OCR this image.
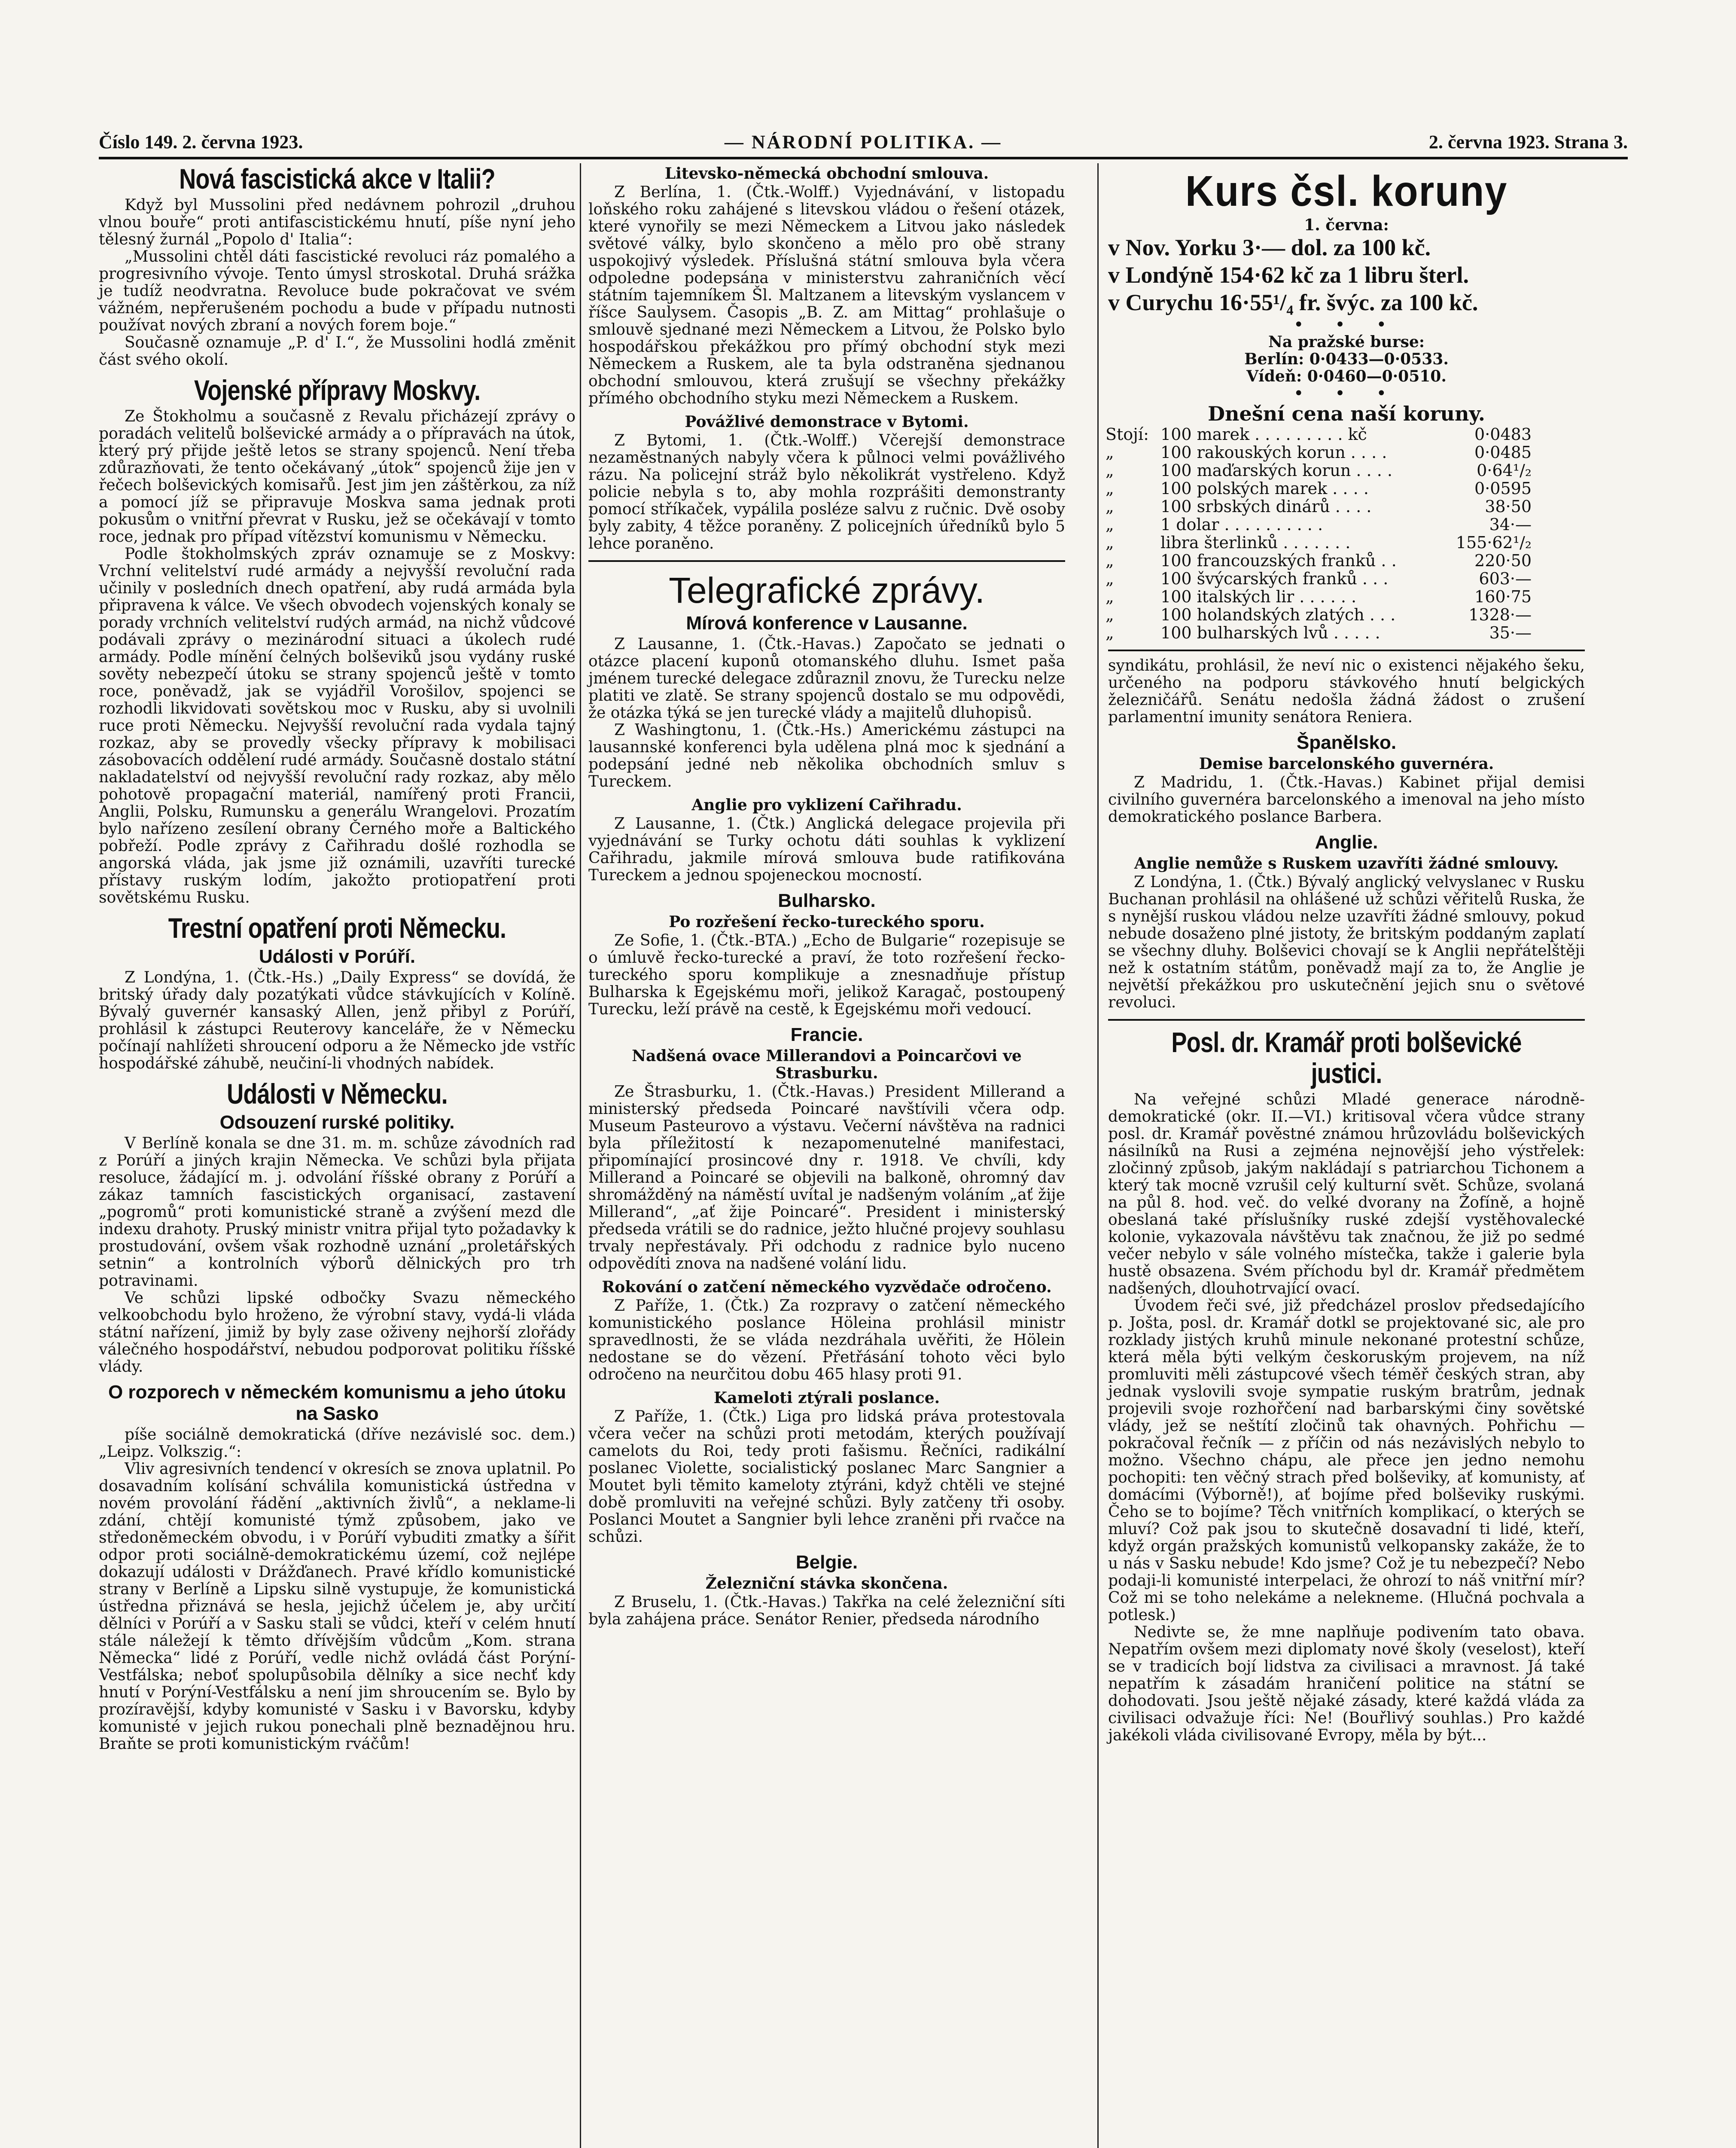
Číslo 149. 2. června 1923.	— NÁRODNÍ POLITIKA. —	2. června 1923. Strana 3.
Nová fascistická akce v Italii?

Když byl Mussolini před nedávnem pohrozil „druhou vlnou bouře“ proti antifascistickému hnutí, píše nyní jeho tělesný žurnál „Popolo d' Italia“:

„Mussolini chtěl dáti fascistické revoluci ráz pomalého a progresivního vývoje. Tento úmysl stroskotal. Druhá srážka je tudíž neodvratna. Revoluce bude pokračovat ve svém vážném, nepřerušeném pochodu a bude v případu nutnosti používat nových zbraní a nových forem boje.“

Současně oznamuje „P. d' I.“, že Mussolini hodlá změnit část svého okolí.

Vojenské přípravy Moskvy.

Ze Štokholmu a současně z Revalu přicházejí zprávy o poradách velitelů bolševické armády a o přípravách na útok, který prý přijde ještě letos se strany spojenců. Není třeba zdůrazňovati, že tento očekávaný „útok“ spojenců žije jen v řečech bolševických komisařů. Jest jim jen záštěrkou, za níž a pomocí jíž se připravuje Moskva sama jednak proti pokusům o vnitřní převrat v Rusku, jež se očekávají v tomto roce, jednak pro případ vítězství komunismu v Německu.

Podle štokholmských zpráv oznamuje se z Moskvy: Vrchní velitelství rudé armády a nejvyšší revoluční rada učinily v posledních dnech opatření, aby rudá armáda byla připravena k válce. Ve všech obvodech vojenských konaly se porady vrchních velitelství rudých armád, na nichž vůdcové podávali zprávy o mezinárodní situaci a úkolech rudé armády. Podle mínění čelných bolševiků jsou vydány ruské sověty nebezpečí útoku se strany spojenců ještě v tomto roce, poněvadž, jak se vyjádřil Vorošilov, spojenci se rozhodli likvidovati sovětskou moc v Rusku, aby si uvolnili ruce proti Německu. Nejvyšší revoluční rada vydala tajný rozkaz, aby se provedly všecky přípravy k mobilisaci zásobovacích oddělení rudé armády. Současně dostalo státní nakladatelství od nejvyšší revoluční rady rozkaz, aby mělo pohotově propagační materiál, namířený proti Francii, Anglii, Polsku, Rumunsku a generálu Wrangelovi. Prozatím bylo nařízeno zesílení obrany Černého moře a Baltického pobřeží. Podle zprávy z Cařihradu došlé rozhodla se angorská vláda, jak jsme již oznámili, uzavříti turecké přístavy ruským lodím, jakožto protiopatření proti sovětskému Rusku.

Trestní opatření proti Německu.
Události v Porúří.

Z Londýna, 1. (Čtk.-Hs.) „Daily Express“ se dovídá, že britský úřady daly pozatýkati vůdce stávkujících v Kolíně. Bývalý guvernér kansaský Allen, jenž přibyl z Porúří, prohlásil k zástupci Reuterovy kanceláře, že v Německu počínají nahlížeti shroucení odporu a že Německo jde vstříc hospodářské záhubě, neučiní-li vhodných nabídek.

Události v Německu.
Odsouzení rurské politiky.

V Berlíně konala se dne 31. m. m. schůze závodních rad z Porúří a jiných krajin Německa. Ve schůzi byla přijata resoluce, žádající m. j. odvolání říšské obrany z Porúří a zákaz tamních fascistických organisací, zastavení „pogromů“ proti komunistické straně a zvýšení mezd dle indexu drahoty. Pruský ministr vnitra přijal tyto požadavky k prostudování, ovšem však rozhodně uznání „proletářských setnin“ a kontrolních výborů dělnických pro trh potravinami.

Ve schůzi lipské odbočky Svazu německého velkoobchodu bylo hroženo, že výrobní stavy, vydá-li vláda státní nařízení, jimiž by byly zase oživeny nejhorší zlořády válečného hospodářství, nebudou podporovat politiku říšské vlády.

O rozporech v německém komunismu a jeho útoku na Sasko

píše sociálně demokratická (dříve nezávislé soc. dem.) „Leipz. Volkszig.“:

Vliv agresivních tendencí v okresích se znova uplatnil. Po dosavadním kolísání schválila komunistická ústředna v novém provolání řádění „aktivních živlů“, a neklame-li zdání, chtějí komunisté týmž způsobem, jako ve středoněmeckém obvodu, i v Porúří vybuditi zmatky a šířit odpor proti sociálně-demokratickému území, což nejlépe dokazují události v Drážďanech. Pravé křídlo komunistické strany v Berlíně a Lipsku silně vystupuje, že komunistická ústředna přiznává se hesla, jejichž účelem je, aby určití dělníci v Porúří a v Sasku stali se vůdci, kteří v celém hnutí stále náležejí k těmto dřívějším vůdcům „Kom. strana Německa“ lidé z Porúří, vedle nichž ovládá část Porýní-Vestfálska; neboť spolupůsobila dělníky a sice nechť kdy hnutí v Porýní-Vestfálsku a není jim shroucením se. Bylo by prozíravější, kdyby komunisté v Sasku i v Bavorsku, kdyby komunisté v jejich rukou ponechali plně beznadějnou hru. Braňte se proti komunistickým rváčům!

Litevsko-německá obchodní smlouva.

Z Berlína, 1. (Čtk.-Wolff.) Vyjednávání, v listopadu loňského roku zahájené s litevskou vládou o řešení otázek, které vynořily se mezi Německem a Litvou jako následek světové války, bylo skončeno a mělo pro obě strany uspokojivý výsledek. Příslušná státní smlouva byla včera odpoledne podepsána v ministerstvu zahraničních věcí státním tajemníkem Šl. Maltzanem a litevským vyslancem v říšce Saulysem. Časopis „B. Z. am Mittag“ prohlašuje o smlouvě sjednané mezi Německem a Litvou, že Polsko bylo hospodářskou překážkou pro přímý obchodní styk mezi Německem a Ruskem, ale ta byla odstraněna sjednanou obchodní smlouvou, která zrušují se všechny překážky přímého obchodního styku mezi Německem a Ruskem.

Povážlivé demonstrace v Bytomi.

Z Bytomi, 1. (Čtk.-Wolff.) Včerejší demonstrace nezaměstnaných nabyly včera k půlnoci velmi povážlivého rázu. Na policejní stráž bylo několikrát vystřeleno. Když policie nebyla s to, aby mohla rozprášiti demonstranty pomocí stříkaček, vypálila posléze salvu z ručnic. Dvě osoby byly zabity, 4 těžce poraněny. Z policejních úředníků bylo 5 lehce poraněno.

Telegrafické zprávy.
Mírová konference v Lausanne.

Z Lausanne, 1. (Čtk.-Havas.) Započato se jednati o otázce placení kuponů otomanského dluhu. Ismet paša jménem turecké delegace zdůraznil znovu, že Turecku nelze platiti ve zlatě. Se strany spojenců dostalo se mu odpovědi, že otázka týká se jen turecké vlády a majitelů dluhopisů.

Z Washingtonu, 1. (Čtk.-Hs.) Americkému zástupci na lausannské konferenci byla udělena plná moc k sjednání a podepsání jedné neb několika obchodních smluv s Tureckem.

Anglie pro vyklizení Cařihradu.

Z Lausanne, 1. (Čtk.) Anglická delegace projevila při vyjednávání se Turky ochotu dáti souhlas k vyklizení Cařihradu, jakmile mírová smlouva bude ratifikována Tureckem a jednou spojeneckou mocností.

Bulharsko.
Po rozřešení řecko-tureckého sporu.

Ze Sofie, 1. (Čtk.-BTA.) „Echo de Bulgarie“ rozepisuje se o úmluvě řecko-turecké a praví, že toto rozřešení řecko-tureckého sporu komplikuje a znesnadňuje přístup Bulharska k Egejskému moři, jelikož Karagač, postoupený Turecku, leží právě na cestě, k Egejskému moři vedoucí.

Francie.
Nadšená ovace Millerandovi a Poincarčovi ve Strasburku.

Ze Štrasburku, 1. (Čtk.-Havas.) President Millerand a ministerský předseda Poincaré navštívili včera odp. Museum Pasteurovo a výstavu. Večerní návštěva na radnici byla příležitostí k nezapomenutelné manifestaci, připomínající prosincové dny r. 1918. Ve chvíli, kdy Millerand a Poincaré se objevili na balkoně, ohromný dav shromážděný na náměstí uvítal je nadšeným voláním „ať žije Millerand“, „ať žije Poincaré“. President i ministerský předseda vrátili se do radnice, ježto hlučné projevy souhlasu trvaly nepřestávaly. Při odchodu z radnice bylo nuceno odpovědíti znova na nadšené volání lidu.

Rokování o zatčení německého vyzvědače odročeno.

Z Paříže, 1. (Čtk.) Za rozpravy o zatčení německého komunistického poslance Höleina prohlásil ministr spravedlnosti, že se vláda nezdráhala uvěřiti, že Hölein nedostane se do vězení. Přetřásání tohoto věci bylo odročeno na neurčitou dobu 465 hlasy proti 91.

Kameloti ztýrali poslance.

Z Paříže, 1. (Čtk.) Liga pro lidská práva protestovala včera večer na schůzi proti metodám, kterých používají camelots du Roi, tedy proti fašismu. Řečníci, radikální poslanec Violette, socialistický poslanec Marc Sangnier a Moutet byli těmito kameloty ztýráni, když chtěli ve stejné době promluviti na veřejné schůzi. Byly zatčeny tři osoby. Poslanci Moutet a Sangnier byli lehce zraněni při rvačce na schůzi.

Belgie.
Železniční stávka skončena.

Z Bruselu, 1. (Čtk.-Havas.) Takřka na celé železniční síti byla zahájena práce. Senátor Renier, předseda národního

Kurs čsl. koruny
1. června:
v Nov. Yorku 3·— dol. za 100 kč.
v Londýně 154·62 kč za 1 libru šterl.
v Curychu 16·55¹/₄ fr. švýc. za 100 kč.
• • •
Na pražské burse:
Berlín: 0·0433—0·0533.
Vídeň: 0·0460—0·0510.
• • •
Dnešní cena naší koruny.
Stojí:	100 marek . . . . . . . . . kč	0·0483
„	100 rakouských korun . . . .	0·0485
„	100 maďarských korun . . . .	0·64¹/₂
„	100 polských marek . . . .	0·0595
„	100 srbských dinárů . . . .	38·50
„	1 dolar . . . . . . . . . .	34·—
„	libra šterlinků . . . . . . .	155·62¹/₂
„	100 francouzských franků . .	220·50
„	100 švýcarských franků . . .	603·—
„	100 italských lir . . . . . .	160·75
„	100 holandských zlatých . . .	1328·—
„	100 bulharských lvů . . . . .	35·—

syndikátu, prohlásil, že neví nic o existenci nějakého šeku, určeného na podporu stávkového hnutí belgických železničářů. Senátu nedošla žádná žádost o zrušení parlamentní imunity senátora Reniera.

Španělsko.
Demise barcelonského guvernéra.

Z Madridu, 1. (Čtk.-Havas.) Kabinet přijal demisi civilního guvernéra barcelonského a imenoval na jeho místo demokratického poslance Barbera.

Anglie.
Anglie nemůže s Ruskem uzavříti žádné smlouvy.

Z Londýna, 1. (Čtk.) Bývalý anglický velvyslanec v Rusku Buchanan prohlásil na ohlášené už schůzi věřitelů Ruska, že s nynější ruskou vládou nelze uzavříti žádné smlouvy, pokud nebude dosaženo plné jistoty, že britským poddaným zaplatí se všechny dluhy. Bolševici chovají se k Anglii nepřátelštěji než k ostatním státům, poněvadž mají za to, že Anglie je největší překážkou pro uskutečnění jejich snu o světové revoluci.

Posl. dr. Kramář proti bolševické justici.

Na veřejné schůzi Mladé generace národně-demokratické (okr. II.—VI.) kritisoval včera vůdce strany posl. dr. Kramář pověstné známou hrůzovládu bolševických násilníků na Rusi a zejména nejnovější jeho výstřelek: zločinný způsob, jakým nakládají s patriarchou Tichonem a který tak mocně vzrušil celý kulturní svět. Schůze, svolaná na půl 8. hod. več. do velké dvorany na Žofíně, a hojně obeslaná také příslušníky ruské zdejší vystěhovalecké kolonie, vykazovala návštěvu tak značnou, že již po sedmé večer nebylo v sále volného místečka, takže i galerie byla hustě obsazena. Svém příchodu byl dr. Kramář předmětem nadšených, dlouhotrvající ovací.

Úvodem řeči své, již předcházel proslov předsedajícího p. Jošta, posl. dr. Kramář dotkl se projektované sic, ale pro rozklady jistých kruhů minule nekonané protestní schůze, která měla býti velkým českoruským projevem, na níž promluviti měli zástupcové všech téměř českých stran, aby jednak vyslovili svoje sympatie ruským bratrům, jednak projevili svoje rozhořčení nad barbarskými činy sovětské vlády, jež se neštítí zločinů tak ohavných. Pohřichu — pokračoval řečník — z příčin od nás nezávislých nebylo to možno. Všechno chápu, ale přece jen jedno nemohu pochopiti: ten věčný strach před bolševiky, ať komunisty, ať domácími (Výborně!), ať bojíme před bolševiky ruskými. Čeho se to bojíme? Těch vnitřních komplikací, o kterých se mluví? Což pak jsou to skutečně dosavadní ti lidé, kteří, když orgán pražských komunistů velkopansky zakáže, že to u nás v Sasku nebude! Kdo jsme? Což je tu nebezpečí? Nebo podaji-li komunisté interpelaci, že ohrozí to náš vnitřní mír? Což mi se toho nelekáme a nelekneme. (Hlučná pochvala a potlesk.)

Nedivte se, že mne naplňuje podivením tato obava. Nepatřím ovšem mezi diplomaty nové školy (veselost), kteří se v tradicích bojí lidstva za civilisaci a mravnost. Já také nepatřím k zásadám hraničení politice na státní se dohodovati. Jsou ještě nějaké zásady, které každá vláda za civilisaci odvažuje říci: Ne! (Bouřlivý souhlas.) Pro každé jakékoli vláda civilisované Evropy, měla by být...
